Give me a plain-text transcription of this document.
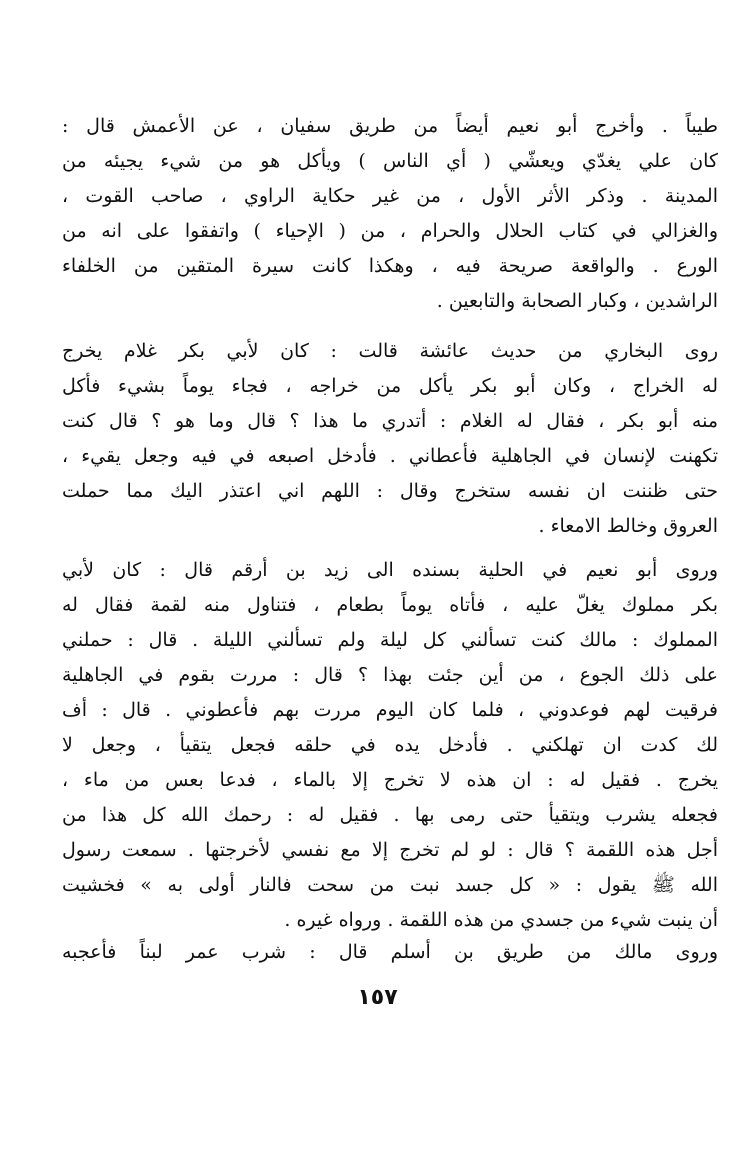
طيباً . وأخرج أبو نعيم أيضاً من طريق سفيان ، عن الأعمش قال :
كان علي يغدّي ويعشّي ( أي الناس ) ويأكل هو من شيء يجيئه من
المدينة . وذكر الأثر الأول ، من غير حكاية الراوي ، صاحب القوت ،
والغزالي في كتاب الحلال والحرام ، من ( الإحياء ) واتفقوا على انه من
الورع . والواقعة صريحة فيه ، وهكذا كانت سيرة المتقين من الخلفاء
الراشدين ، وكبار الصحابة والتابعين .
روى البخاري من حديث عائشة قالت : كان لأبي بكر غلام يخرج
له الخراج ، وكان أبو بكر يأكل من خراجه ، فجاء يوماً بشيء فأكل
منه أبو بكر ، فقال له الغلام : أتدري ما هذا ؟ قال وما هو ؟ قال كنت
تكهنت لإنسان في الجاهلية فأعطاني . فأدخل اصبعه في فيه وجعل يقيء ،
حتى ظننت ان نفسه ستخرج وقال : اللهم اني اعتذر اليك مما حملت
العروق وخالط الامعاء .
وروى أبو نعيم في الحلية بسنده الى زيد بن أرقم قال : كان لأبي
بكر مملوك يغلّ عليه ، فأتاه يوماً بطعام ، فتناول منه لقمة فقال له
المملوك : مالك كنت تسألني كل ليلة ولم تسألني الليلة . قال : حملني
على ذلك الجوع ، من أين جئت بهذا ؟ قال : مررت بقوم في الجاهلية
فرقيت لهم فوعدوني ، فلما كان اليوم مررت بهم فأعطوني . قال : أف
لك كدت ان تهلكني . فأدخل يده في حلقه فجعل يتقيأ ، وجعل لا
يخرج . فقيل له : ان هذه لا تخرج إلا بالماء ، فدعا بعس من ماء ،
فجعله يشرب ويتقيأ حتى رمى بها . فقيل له : رحمك الله كل هذا من
أجل هذه اللقمة ؟ قال : لو لم تخرج إلا مع نفسي لأخرجتها . سمعت رسول
الله ﷺ يقول : « كل جسد نبت من سحت فالنار أولى به » فخشيت
أن ينبت شيء من جسدي من هذه اللقمة . ورواه غيره .
وروى مالك من طريق بن أسلم قال : شرب عمر لبناً فأعجبه
١٥٧
